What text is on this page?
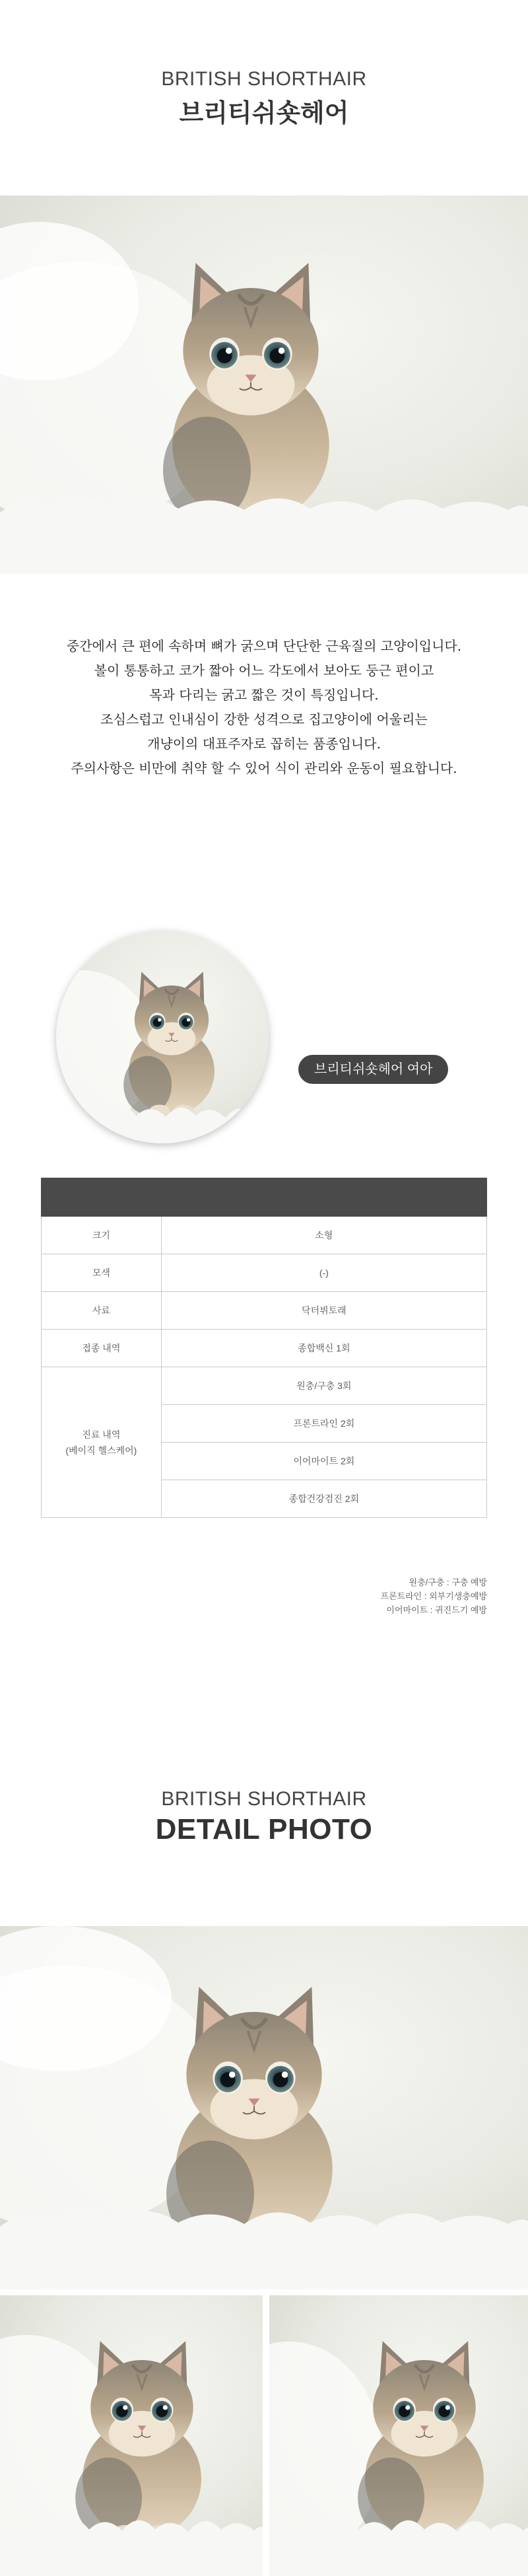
BRITISH SHORTHAIR
브리티쉬숏헤어
중간에서 큰 편에 속하며 뼈가 굵으며 단단한 근육질의 고양이입니다.
볼이 통통하고 코가 짧아 어느 각도에서 보아도 둥근 편이고
목과 다리는 굵고 짧은 것이 특징입니다.
조심스럽고 인내심이 강한 성격으로 집고양이에 어울리는
개냥이의 대표주자로 꼽히는 품종입니다.
주의사항은 비만에 취약 할 수 있어 식이 관리와 운동이 필요합니다.
브리티쉬숏헤어 여아

크기	소형
모색	(-)
사료	닥터뷔토래
접종 내역	종합백신 1회

진료 내역
(베이직 헬스케어)	원충/구충 3회
	프론트라인 2회
	이어마이트 2회
	종합건강검진 2회
원충/구충 : 구충 예방
프론트라인 : 외부기생충예방
이어마이트 : 귀진드기 예방
BRITISH SHORTHAIR
DETAIL PHOTO
